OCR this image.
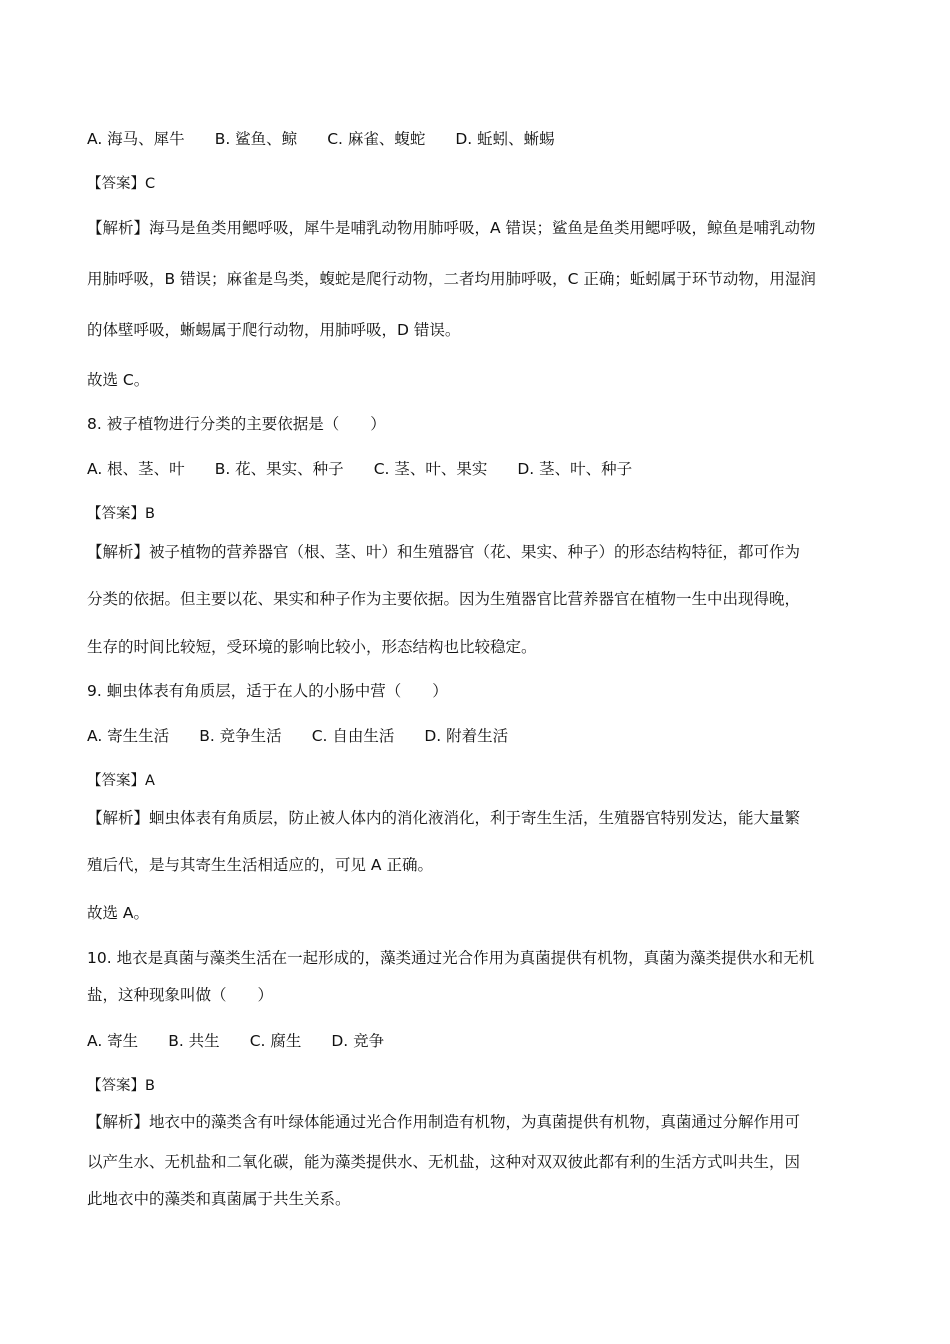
A. 海马、犀牛 B. 鲨鱼、鲸 C. 麻雀、蝮蛇 D. 蚯蚓、蜥蜴
【答案】C
【解析】海马是鱼类用鳃呼吸，犀牛是哺乳动物用肺呼吸，A 错误；鲨鱼是鱼类用鳃呼吸，鲸鱼是哺乳动物
用肺呼吸，B 错误；麻雀是鸟类，蝮蛇是爬行动物，二者均用肺呼吸，C 正确；蚯蚓属于环节动物，用湿润
的体壁呼吸，蜥蜴属于爬行动物，用肺呼吸，D 错误。
故选 C。
8. 被子植物进行分类的主要依据是（　　）
A. 根、茎、叶 B. 花、果实、种子 C. 茎、叶、果实 D. 茎、叶、种子
【答案】B
【解析】被子植物的营养器官（根、茎、叶）和生殖器官（花、果实、种子）的形态结构特征，都可作为
分类的依据。但主要以花、果实和种子作为主要依据。因为生殖器官比营养器官在植物一生中出现得晚，
生存的时间比较短，受环境的影响比较小，形态结构也比较稳定。
9. 蛔虫体表有角质层，适于在人的小肠中营（　　）
A. 寄生生活 B. 竞争生活 C. 自由生活 D. 附着生活
【答案】A
【解析】蛔虫体表有角质层，防止被人体内的消化液消化，利于寄生生活，生殖器官特别发达，能大量繁
殖后代，是与其寄生生活相适应的，可见 A 正确。
故选 A。
10. 地衣是真菌与藻类生活在一起形成的，藻类通过光合作用为真菌提供有机物，真菌为藻类提供水和无机
盐，这种现象叫做（　　）
A. 寄生 B. 共生 C. 腐生 D. 竞争
【答案】B
【解析】地衣中的藻类含有叶绿体能通过光合作用制造有机物，为真菌提供有机物，真菌通过分解作用可
以产生水、无机盐和二氧化碳，能为藻类提供水、无机盐，这种对双双彼此都有利的生活方式叫共生，因
此地衣中的藻类和真菌属于共生关系。
